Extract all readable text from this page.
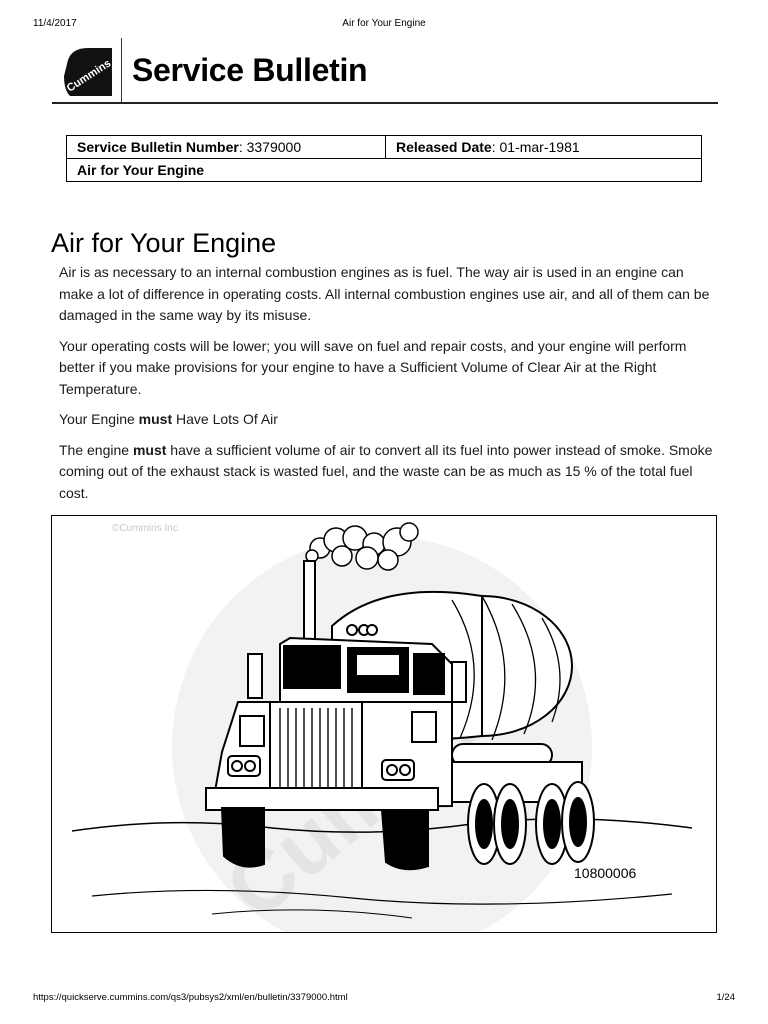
11/4/2017	Air for Your Engine
Cummins Service Bulletin
Service Bulletin Number: 3379000	Released Date: 01-mar-1981
Air for Your Engine
Air for Your Engine

Air is as necessary to an internal combustion engines as is fuel. The way air is used in an engine can make a lot of difference in operating costs. All internal combustion engines use air, and all of them can be damaged in the same way by its misuse.

Your operating costs will be lower; you will save on fuel and repair costs, and your engine will perform better if you make provisions for your engine to have a Sufficient Volume of Clear Air at the Right Temperature.

Your Engine must Have Lots Of Air

The engine must have a sufficient volume of air to convert all its fuel into power instead of smoke. Smoke coming out of the exhaust stack is wasted fuel, and the waste can be as much as 15 % of the total fuel cost.

©Cummins Inc
10800006
https://quickserve.cummins.com/qs3/pubsys2/xml/en/bulletin/3379000.html	1/24
